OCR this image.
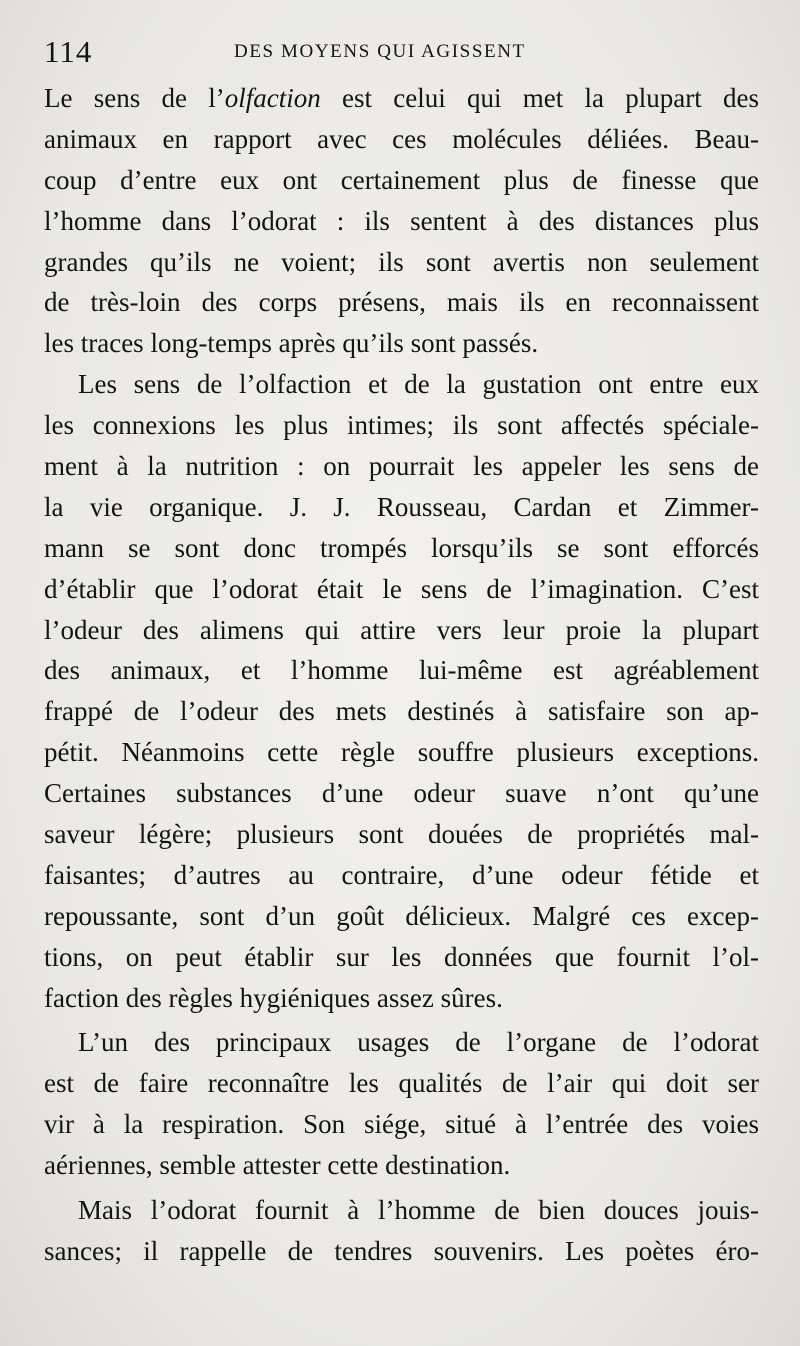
114	DES MOYENS QUI AGISSENT
Le sens de l’olfaction est celui qui met la plupart des
animaux en rapport avec ces molécules déliées. Beau-
coup d’entre eux ont certainement plus de finesse que
l’homme dans l’odorat : ils sentent à des distances plus
grandes qu’ils ne voient; ils sont avertis non seulement
de très-loin des corps présens, mais ils en reconnaissent
les traces long-temps après qu’ils sont passés.
Les sens de l’olfaction et de la gustation ont entre eux
les connexions les plus intimes; ils sont affectés spéciale-
ment à la nutrition : on pourrait les appeler les sens de
la vie organique. J. J. Rousseau, Cardan et Zimmer-
mann se sont donc trompés lorsqu’ils se sont efforcés
d’établir que l’odorat était le sens de l’imagination. C’est
l’odeur des alimens qui attire vers leur proie la plupart
des animaux, et l’homme lui-même est agréablement
frappé de l’odeur des mets destinés à satisfaire son ap-
pétit. Néanmoins cette règle souffre plusieurs exceptions.
Certaines substances d’une odeur suave n’ont qu’une
saveur légère; plusieurs sont douées de propriétés mal-
faisantes; d’autres au contraire, d’une odeur fétide et
repoussante, sont d’un goût délicieux. Malgré ces excep-
tions, on peut établir sur les données que fournit l’ol-
faction des règles hygiéniques assez sûres.
L’un des principaux usages de l’organe de l’odorat
est de faire reconnaître les qualités de l’air qui doit ser
vir à la respiration. Son siége, situé à l’entrée des voies
aériennes, semble attester cette destination.
Mais l’odorat fournit à l’homme de bien douces jouis-
sances; il rappelle de tendres souvenirs. Les poètes éro-
